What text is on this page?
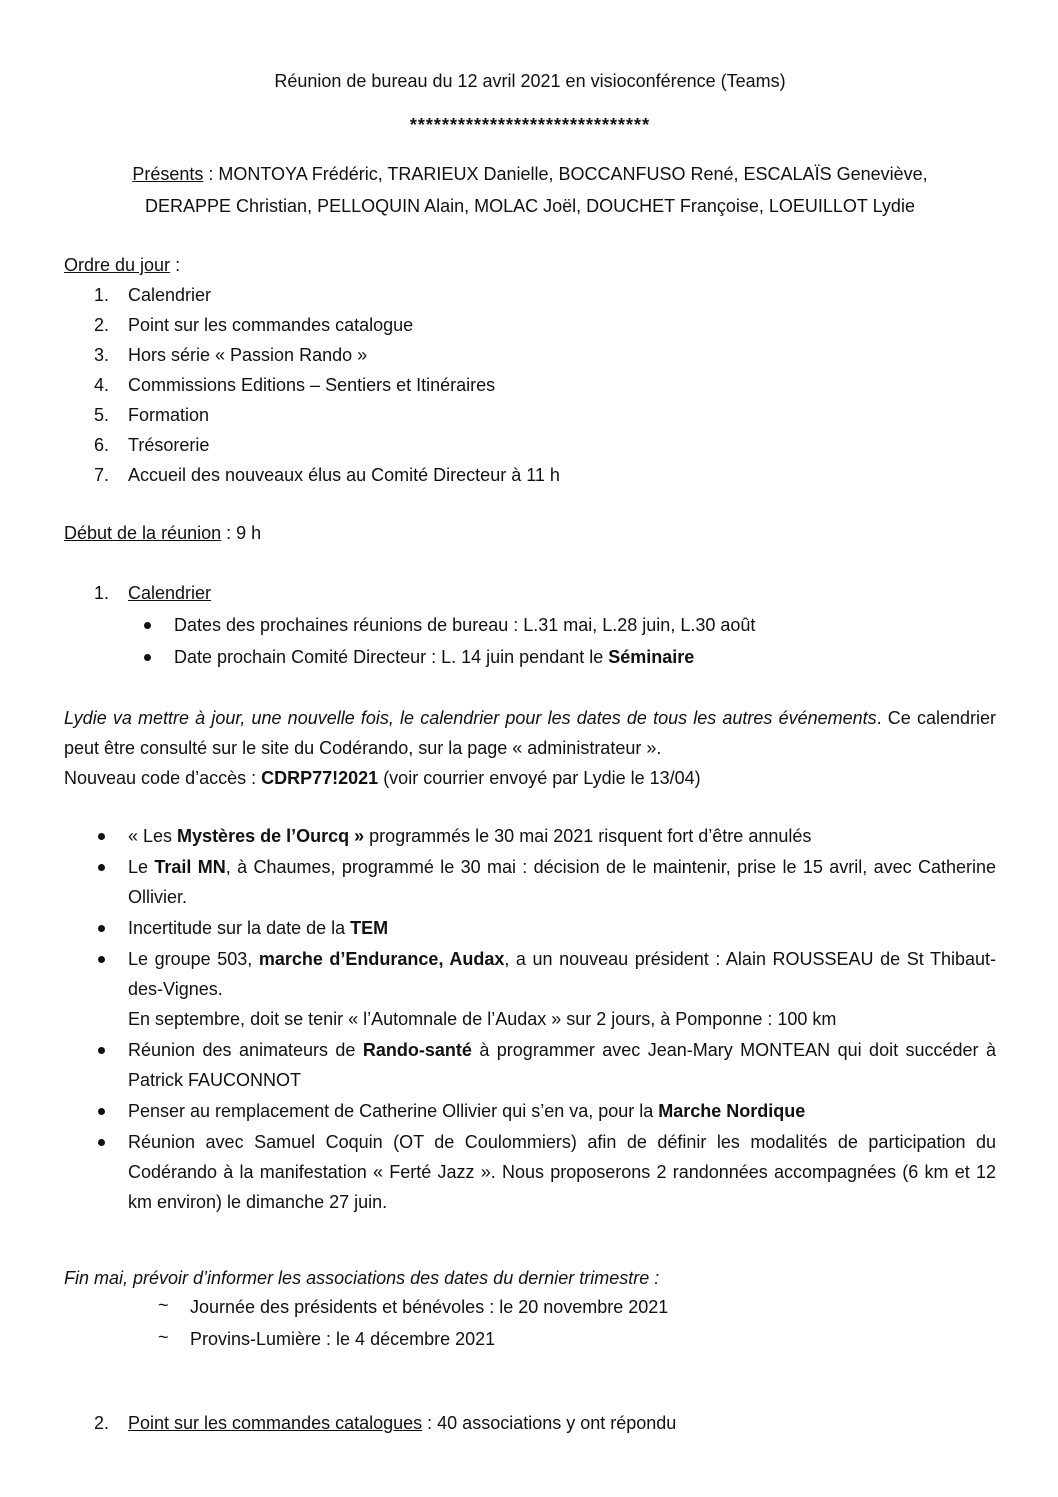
Réunion de bureau du 12 avril 2021 en visioconférence (Teams)
******************************
Présents : MONTOYA Frédéric, TRARIEUX Danielle, BOCCANFUSO René, ESCALAÏS Geneviève,
DERAPPE Christian, PELLOQUIN Alain, MOLAC Joël, DOUCHET Françoise, LOEUILLOT Lydie
Ordre du jour :
1. Calendrier
2. Point sur les commandes catalogue
3. Hors série « Passion Rando »
4. Commissions Editions – Sentiers et Itinéraires
5. Formation
6. Trésorerie
7. Accueil des nouveaux élus au Comité Directeur à 11 h
Début de la réunion : 9 h
1. Calendrier
Dates des prochaines réunions de bureau : L.31 mai, L.28 juin, L.30 août
Date prochain Comité Directeur : L. 14 juin pendant le Séminaire
Lydie va mettre à jour, une nouvelle fois, le calendrier pour les dates de tous les autres événements. Ce calendrier peut être consulté sur le site du Codérando, sur la page « administrateur ».
Nouveau code d’accès : CDRP77!2021 (voir courrier envoyé par Lydie le 13/04)
« Les Mystères de l’Ourcq » programmés le 30 mai 2021 risquent fort d’être annulés
Le Trail MN, à Chaumes, programmé le 30 mai : décision de le maintenir, prise le 15 avril, avec Catherine Ollivier.
Incertitude sur la date de la TEM
Le groupe 503, marche d’Endurance, Audax, a un nouveau président : Alain ROUSSEAU de St Thibaut-des-Vignes.
En septembre, doit se tenir « l’Automnale de l’Audax » sur 2 jours, à Pomponne : 100 km
Réunion des animateurs de Rando-santé à programmer avec Jean-Mary MONTEAN qui doit succéder à Patrick FAUCONNOT
Penser au remplacement de Catherine Ollivier qui s’en va, pour la Marche Nordique
Réunion avec Samuel Coquin (OT de Coulommiers) afin de définir les modalités de participation du Codérando à la manifestation « Ferté Jazz ». Nous proposerons 2 randonnées accompagnées (6 km et 12 km environ) le dimanche 27 juin.
Fin mai, prévoir d’informer les associations des dates du dernier trimestre :
~ Journée des présidents et bénévoles : le 20 novembre 2021
~ Provins-Lumière : le 4 décembre 2021
2. Point sur les commandes catalogues : 40 associations y ont répondu
